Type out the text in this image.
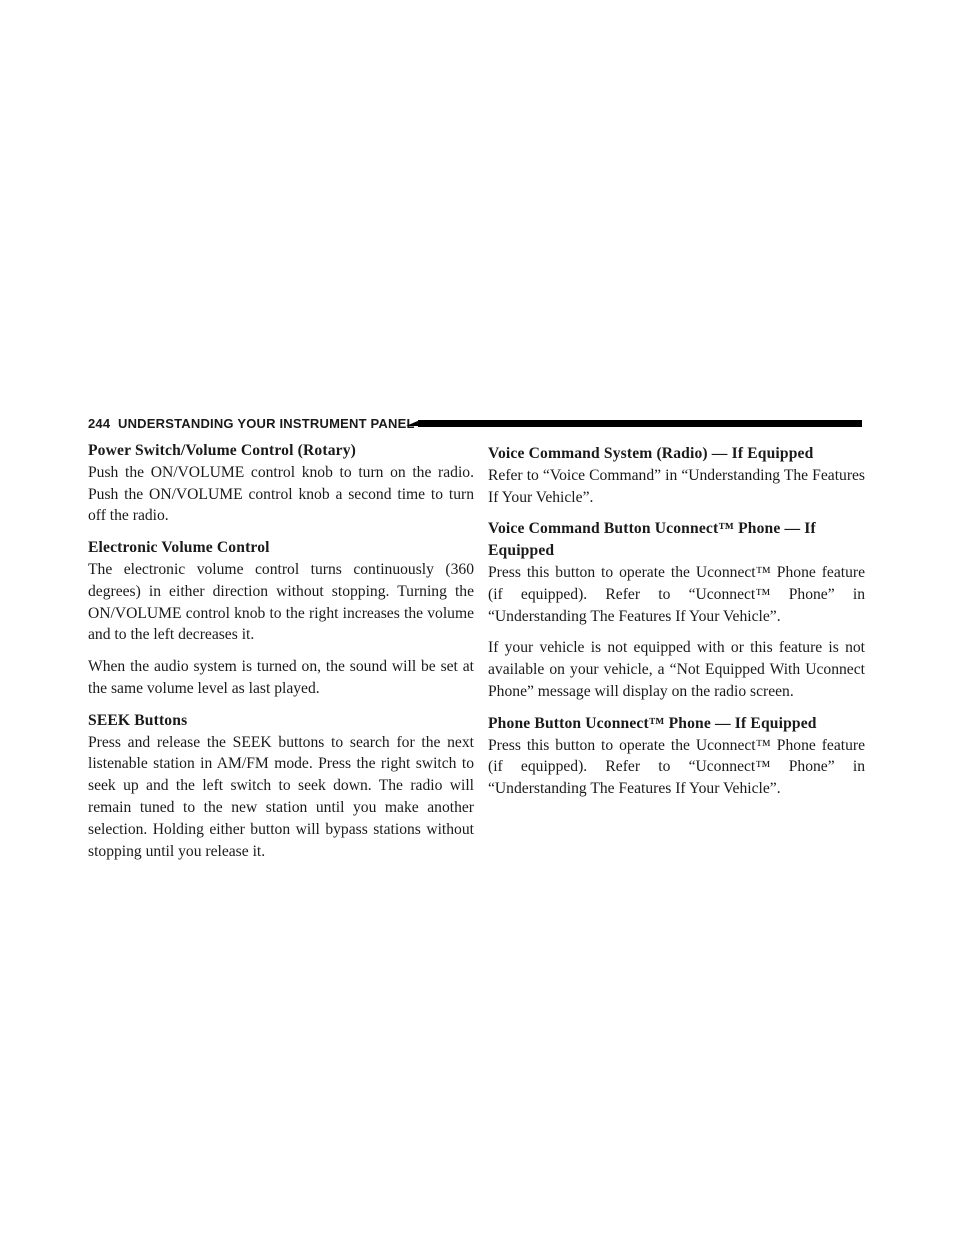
244 UNDERSTANDING YOUR INSTRUMENT PANEL

Power Switch/Volume Control (Rotary)

Push the ON/VOLUME control knob to turn on the radio. Push the ON/VOLUME control knob a second time to turn off the radio.

Electronic Volume Control

The electronic volume control turns continuously (360 degrees) in either direction without stopping. Turning the ON/VOLUME control knob to the right increases the volume and to the left decreases it.

When the audio system is turned on, the sound will be set at the same volume level as last played.

SEEK Buttons

Press and release the SEEK buttons to search for the next listenable station in AM/FM mode. Press the right switch to seek up and the left switch to seek down. The radio will remain tuned to the new station until you make another selection. Holding either button will bypass stations without stopping until you release it.

Voice Command System (Radio) — If Equipped

Refer to “Voice Command” in “Understanding The Features If Your Vehicle”.

Voice Command Button Uconnect™ Phone — If Equipped

Press this button to operate the Uconnect™ Phone feature (if equipped). Refer to “Uconnect™ Phone” in “Understanding The Features If Your Vehicle”.

If your vehicle is not equipped with or this feature is not available on your vehicle, a “Not Equipped With Uconnect Phone” message will display on the radio screen.

Phone Button Uconnect™ Phone — If Equipped

Press this button to operate the Uconnect™ Phone feature (if equipped). Refer to “Uconnect™ Phone” in “Understanding The Features If Your Vehicle”.
